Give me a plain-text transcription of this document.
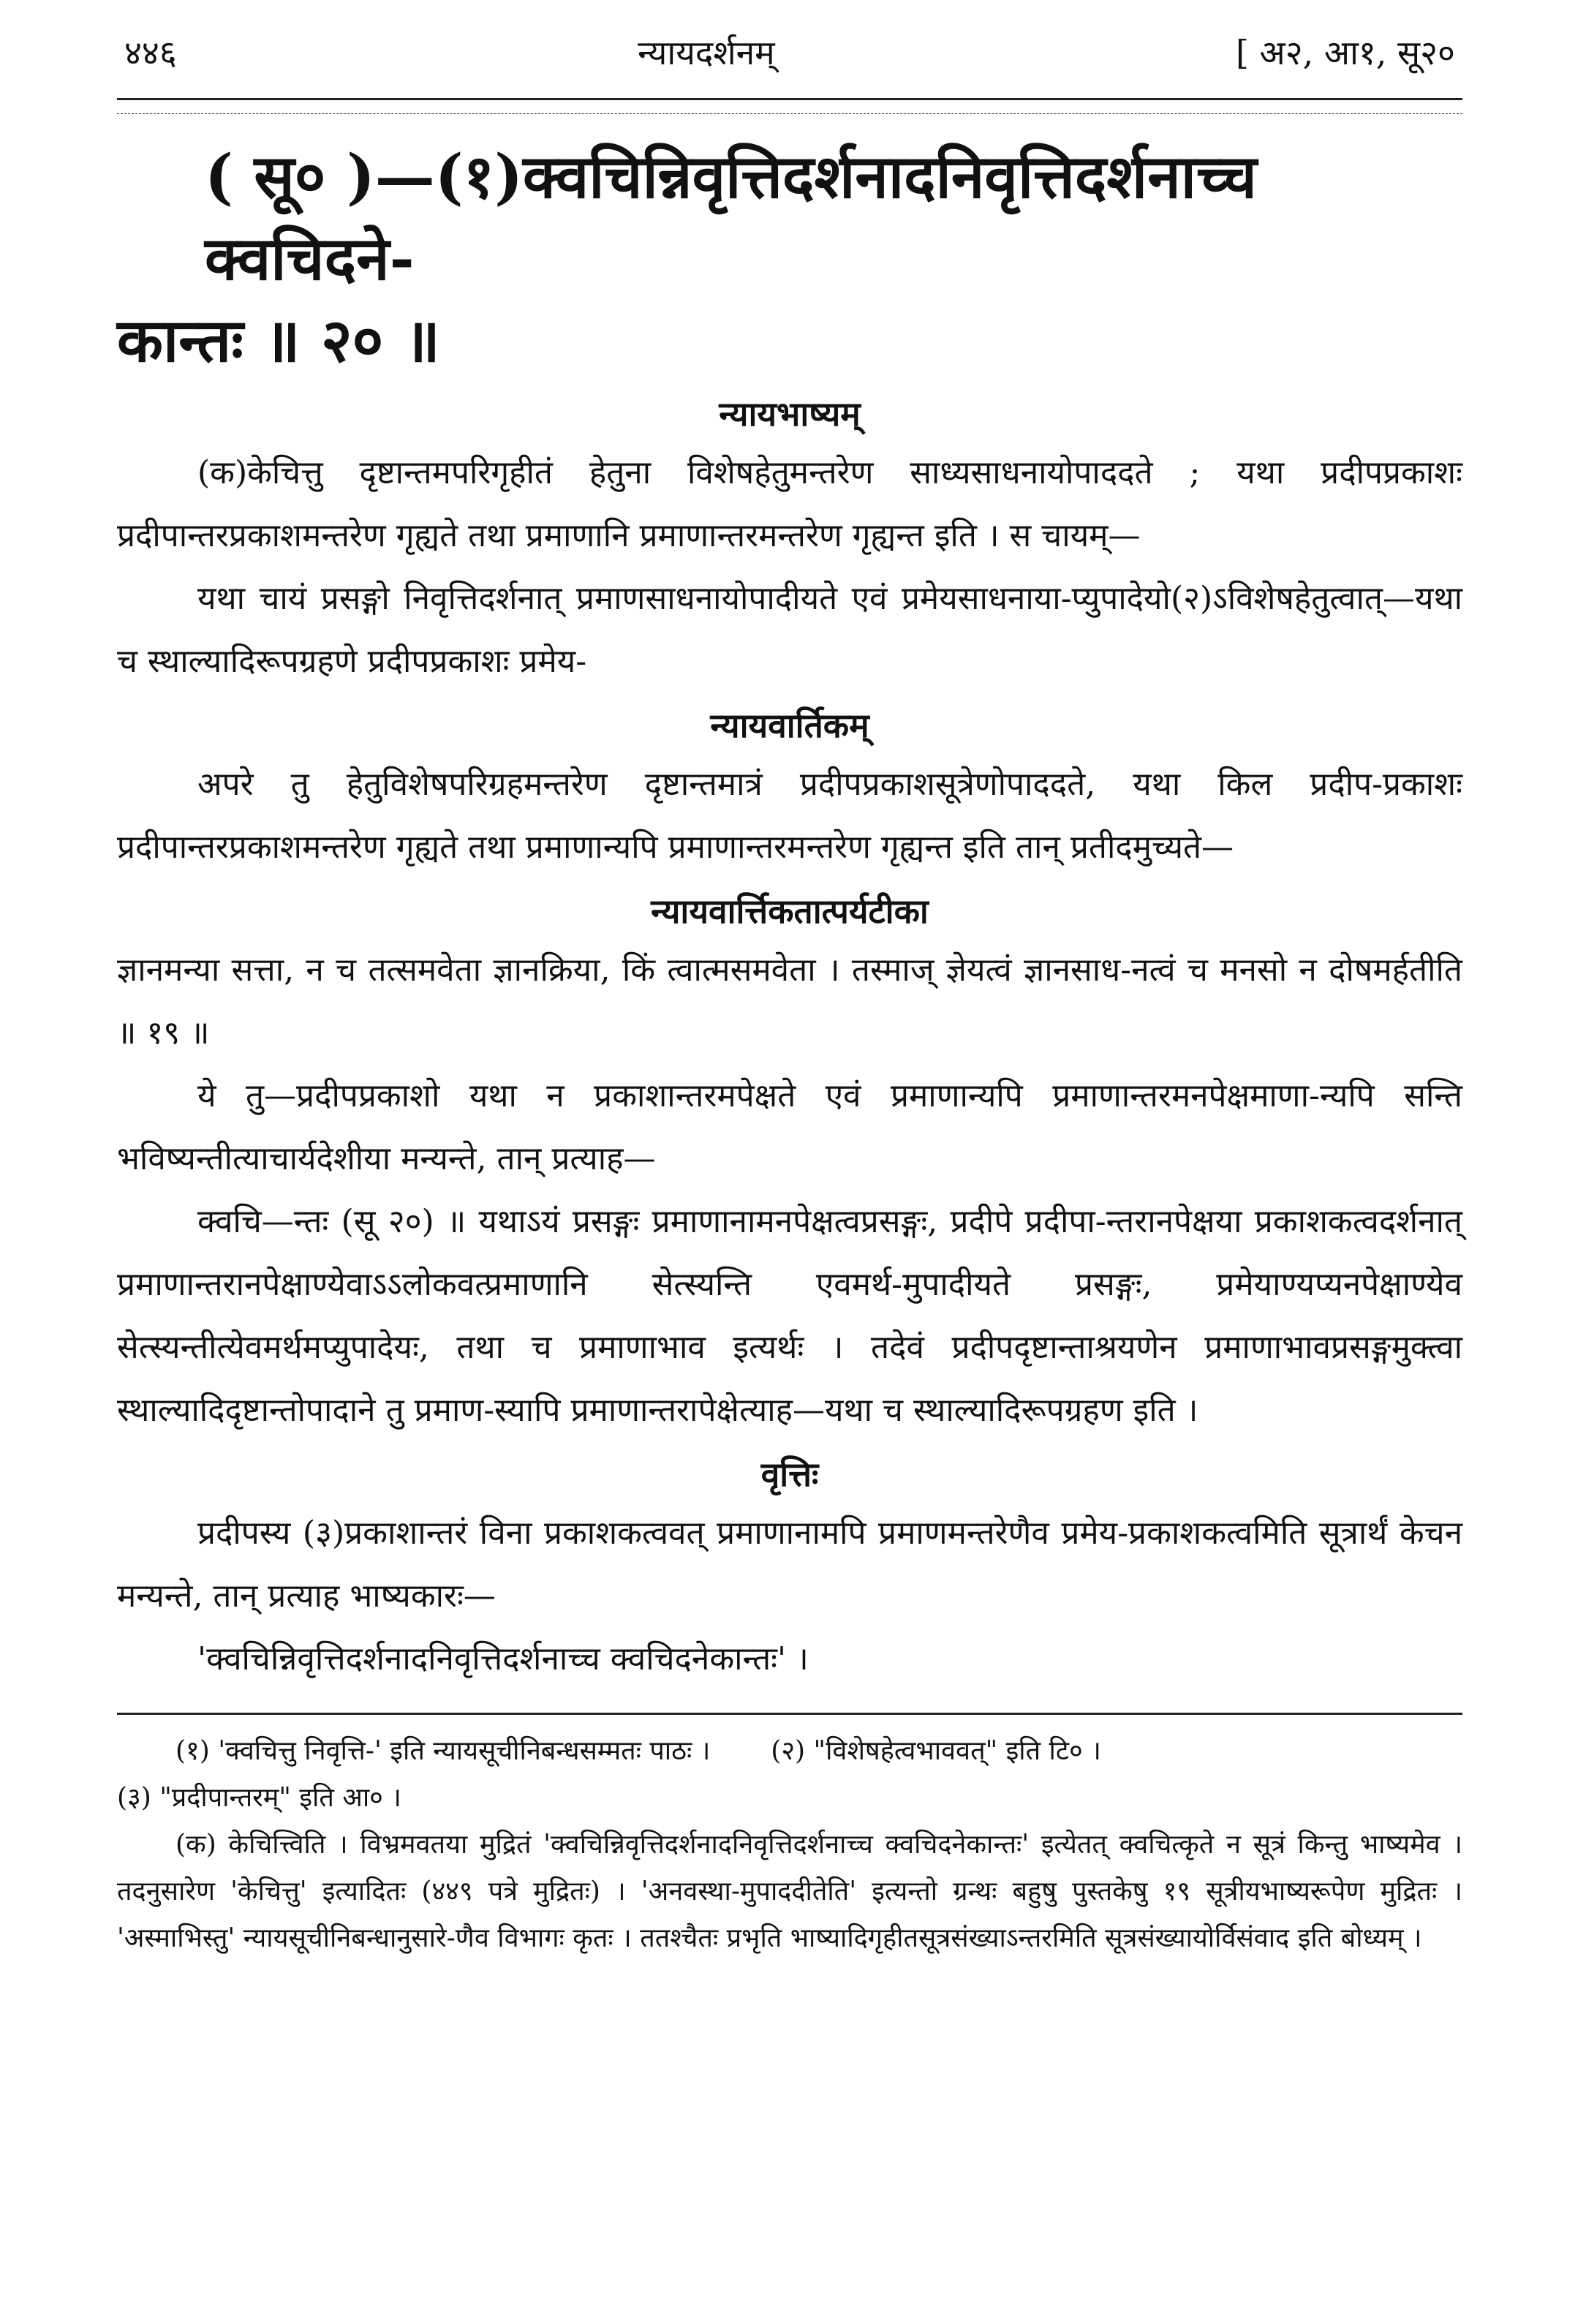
४४६	न्यायदर्शनम्	[ अ२, आ१, सू२०
( सू० )—(१)क्वचिन्निवृत्तिदर्शनादनिवृत्तिदर्शनाच्च क्वचिदने-
कान्तः ॥ २० ॥
न्यायभाष्यम्

(क)केचित्तु दृष्टान्तमपरिगृहीतं हेतुना विशेषहेतुमन्तरेण साध्यसाधनायोपाददते ; यथा प्रदीपप्रकाशः प्रदीपान्तरप्रकाशमन्तरेण गृह्यते तथा प्रमाणानि प्रमाणान्तरमन्तरेण गृह्यन्त इति । स चायम्—

यथा चायं प्रसङ्गो निवृत्तिदर्शनात् प्रमाणसाधनायोपादीयते एवं प्रमेयसाधनाया-प्युपादेयो(२)ऽविशेषहेतुत्वात्—यथा च स्थाल्यादिरूपग्रहणे प्रदीपप्रकाशः प्रमेय-

न्यायवार्तिकम्

अपरे तु हेतुविशेषपरिग्रहमन्तरेण दृष्टान्तमात्रं प्रदीपप्रकाशसूत्रेणोपाददते, यथा किल प्रदीप-प्रकाशः प्रदीपान्तरप्रकाशमन्तरेण गृह्यते तथा प्रमाणान्यपि प्रमाणान्तरमन्तरेण गृह्यन्त इति तान् प्रतीदमुच्यते—

न्यायवार्त्तिकतात्पर्यटीका

ज्ञानमन्या सत्ता, न च तत्समवेता ज्ञानक्रिया, किं त्वात्मसमवेता । तस्माज् ज्ञेयत्वं ज्ञानसाध-नत्वं च मनसो न दोषमर्हतीति ॥ १९ ॥

ये तु—प्रदीपप्रकाशो यथा न प्रकाशान्तरमपेक्षते एवं प्रमाणान्यपि प्रमाणान्तरमनपेक्षमाणा-न्यपि सन्ति भविष्यन्तीत्याचार्यदेशीया मन्यन्ते, तान् प्रत्याह—

क्वचि—न्तः (सू २०) ॥ यथाऽयं प्रसङ्गः प्रमाणानामनपेक्षत्वप्रसङ्गः, प्रदीपे प्रदीपा-न्तरानपेक्षया प्रकाशकत्वदर्शनात् प्रमाणान्तरानपेक्षाण्येवाऽऽलोकवत्प्रमाणानि सेत्स्यन्ति एवमर्थ-मुपादीयते प्रसङ्गः, प्रमेयाण्यप्यनपेक्षाण्येव सेत्स्यन्तीत्येवमर्थमप्युपादेयः, तथा च प्रमाणाभाव इत्यर्थः । तदेवं प्रदीपदृष्टान्ताश्रयणेन प्रमाणाभावप्रसङ्गमुक्त्वा स्थाल्यादिदृष्टान्तोपादाने तु प्रमाण-स्यापि प्रमाणान्तरापेक्षेत्याह—यथा च स्थाल्यादिरूपग्रहण इति ।

वृत्तिः

प्रदीपस्य (३)प्रकाशान्तरं विना प्रकाशकत्ववत् प्रमाणानामपि प्रमाणमन्तरेणैव प्रमेय-प्रकाशकत्वमिति सूत्रार्थं केचन मन्यन्ते, तान् प्रत्याह भाष्यकारः—

'क्वचिन्निवृत्तिदर्शनादनिवृत्तिदर्शनाच्च क्वचिदनेकान्तः' ।

(१) 'क्वचित्तु निवृत्ति-' इति न्यायसूचीनिबन्धसम्मतः पाठः । (२) "विशेषहेत्वभाववत्" इति टि० ।

(३) "प्रदीपान्तरम्" इति आ० ।

(क) केचित्त्विति । विभ्रमवतया मुद्रितं 'क्वचिन्निवृत्तिदर्शनादनिवृत्तिदर्शनाच्च क्वचिदनेकान्तः' इत्येतत् क्वचित्कृते न सूत्रं किन्तु भाष्यमेव । तदनुसारेण 'केचित्तु' इत्यादितः (४४९ पत्रे मुद्रितः) । 'अनवस्था-मुपाददीतेति' इत्यन्तो ग्रन्थः बहुषु पुस्तकेषु १९ सूत्रीयभाष्यरूपेण मुद्रितः । 'अस्माभिस्तु' न्यायसूचीनिबन्धानुसारे-णैव विभागः कृतः । ततश्चैतः प्रभृति भाष्यादिगृहीतसूत्रसंख्याऽन्तरमिति सूत्रसंख्यायोर्विसंवाद इति बोध्यम् ।
